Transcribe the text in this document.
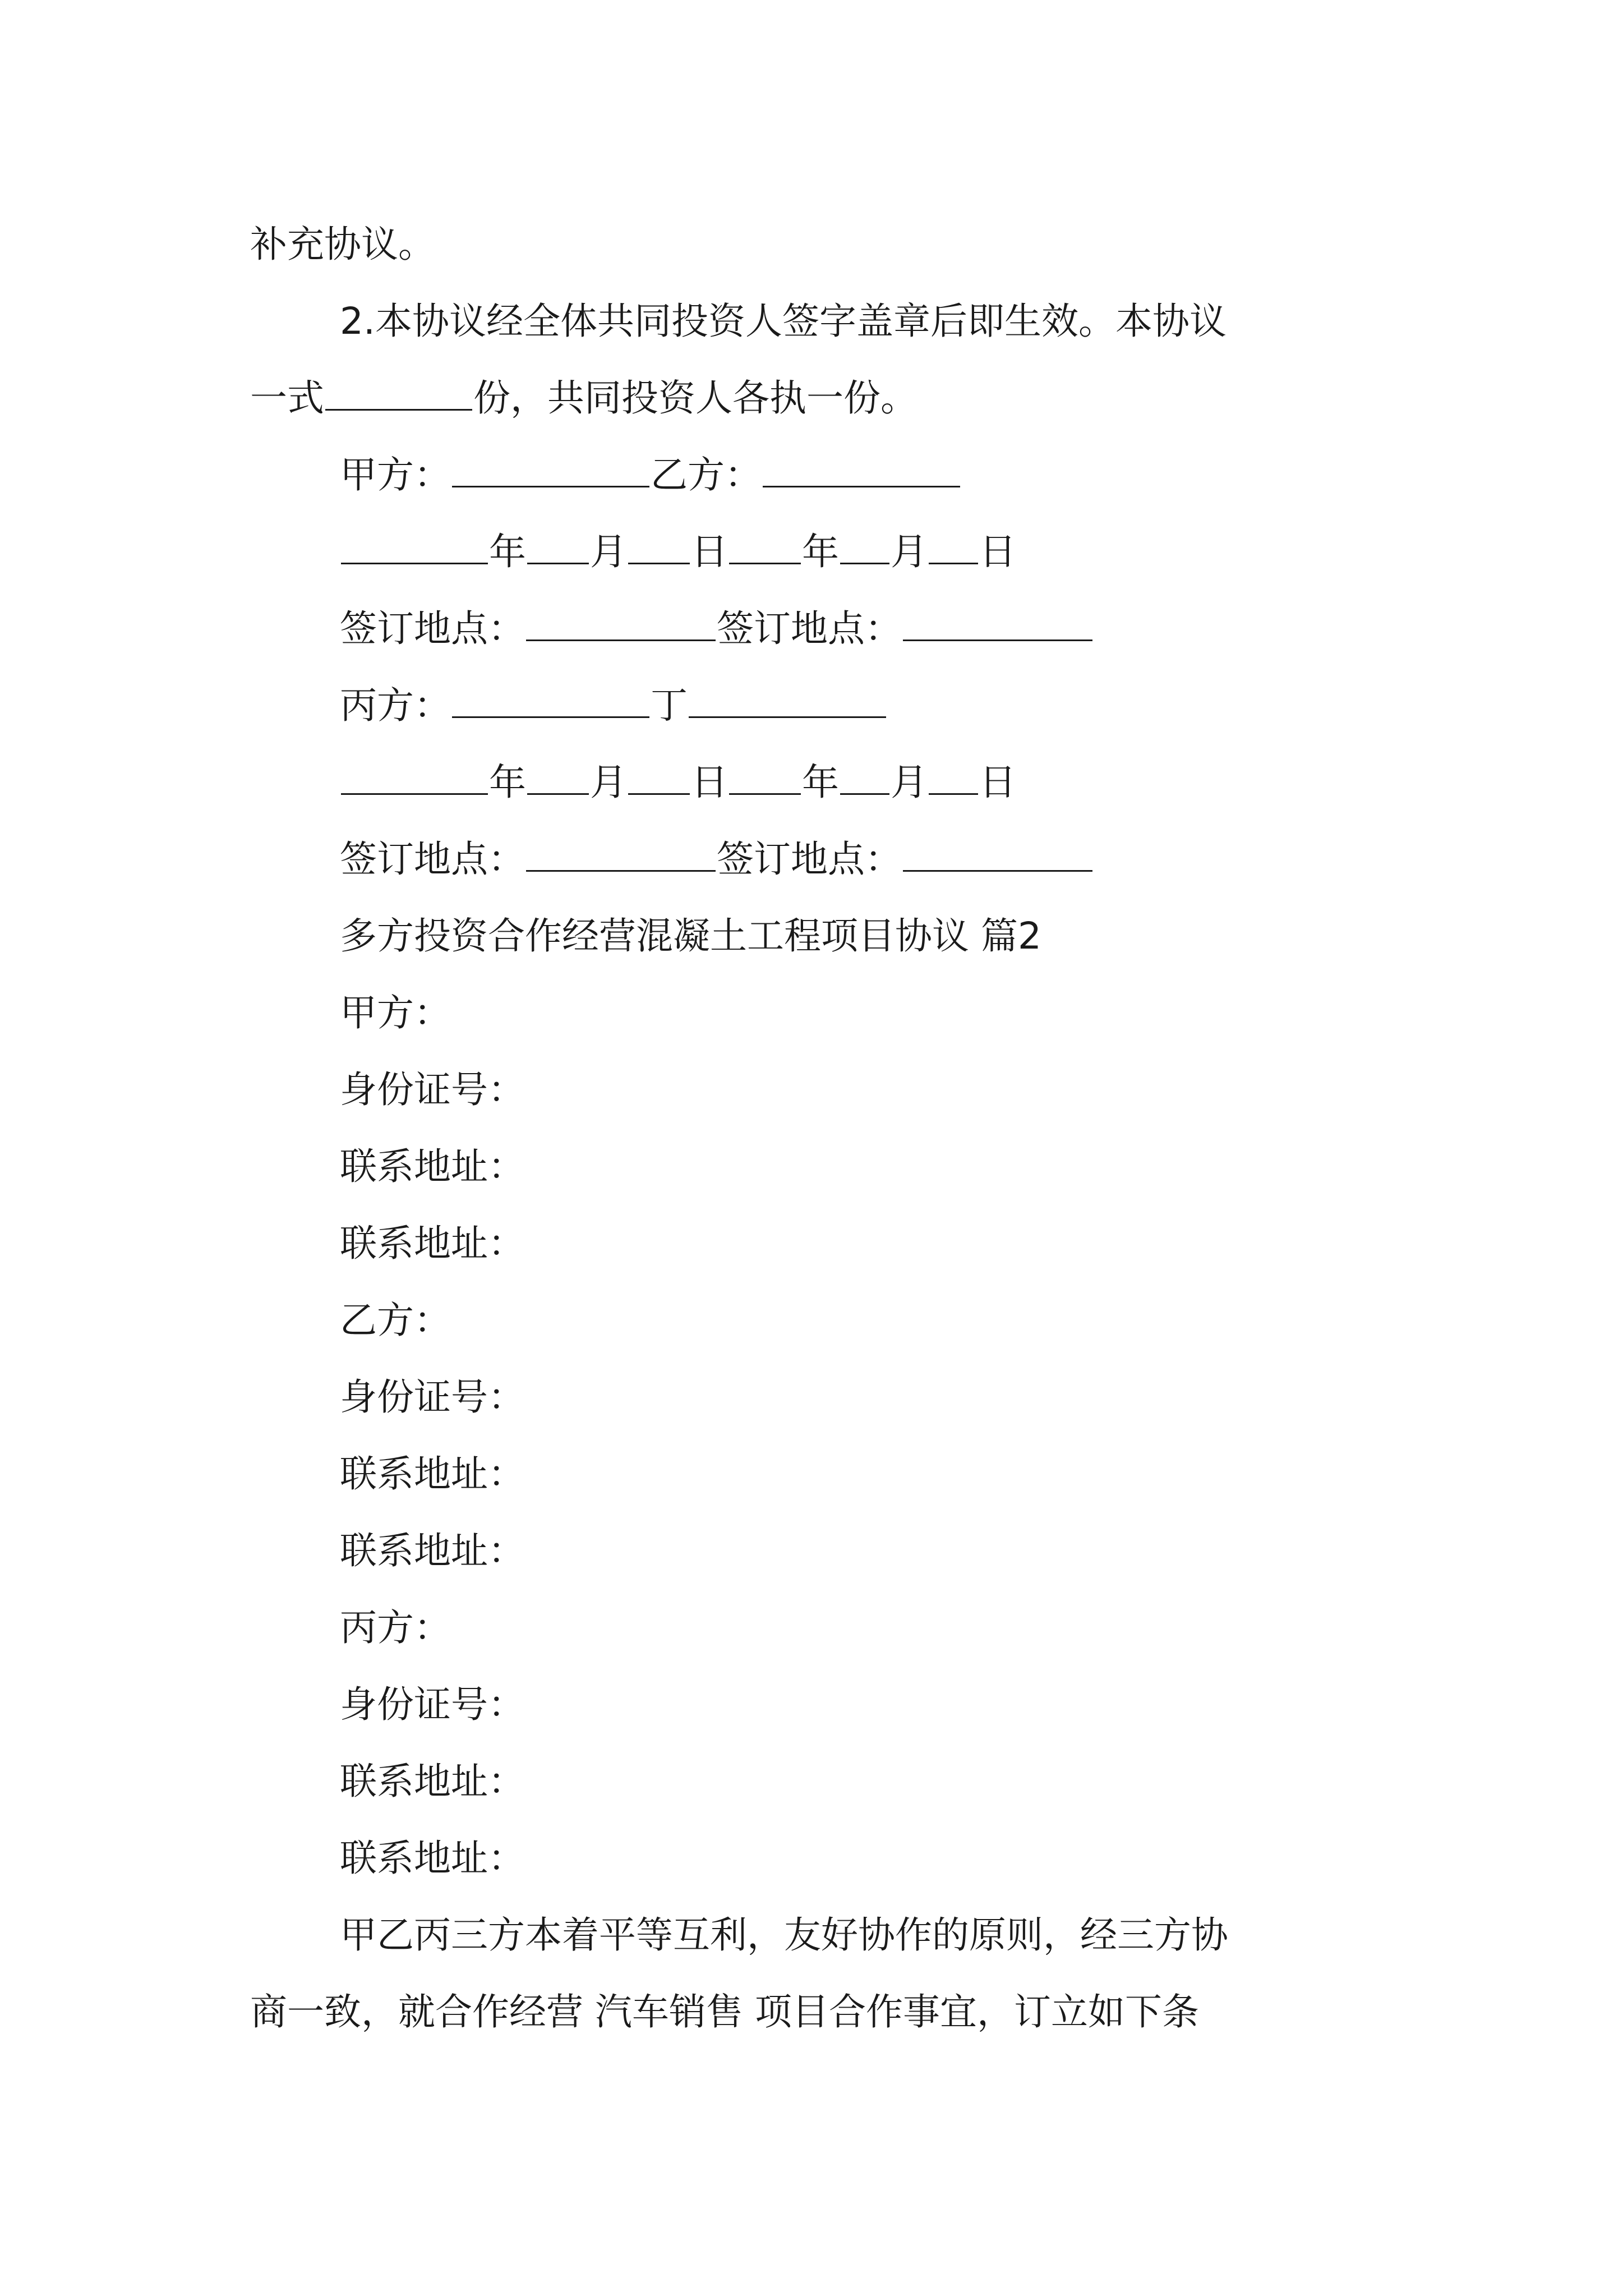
补充协议。
2.本协议经全体共同投资人签字盖章后即生效。本协议
一式	份，共同投资人各执一份。
甲方：	乙方：
年 月 日 年 月 日
签订地点：	签订地点：
丙方：	丁
年 月 日 年 月 日
签订地点：	签订地点：
多方投资合作经营混凝土工程项目协议 篇2
甲方：
身份证号：
联系地址：
联系地址：
乙方：
身份证号：
联系地址：
联系地址：
丙方：
身份证号：
联系地址：
联系地址：
甲乙丙三方本着平等互利，友好协作的原则，经三方协
商一致，就合作经营 汽车销售 项目合作事宜，订立如下条
